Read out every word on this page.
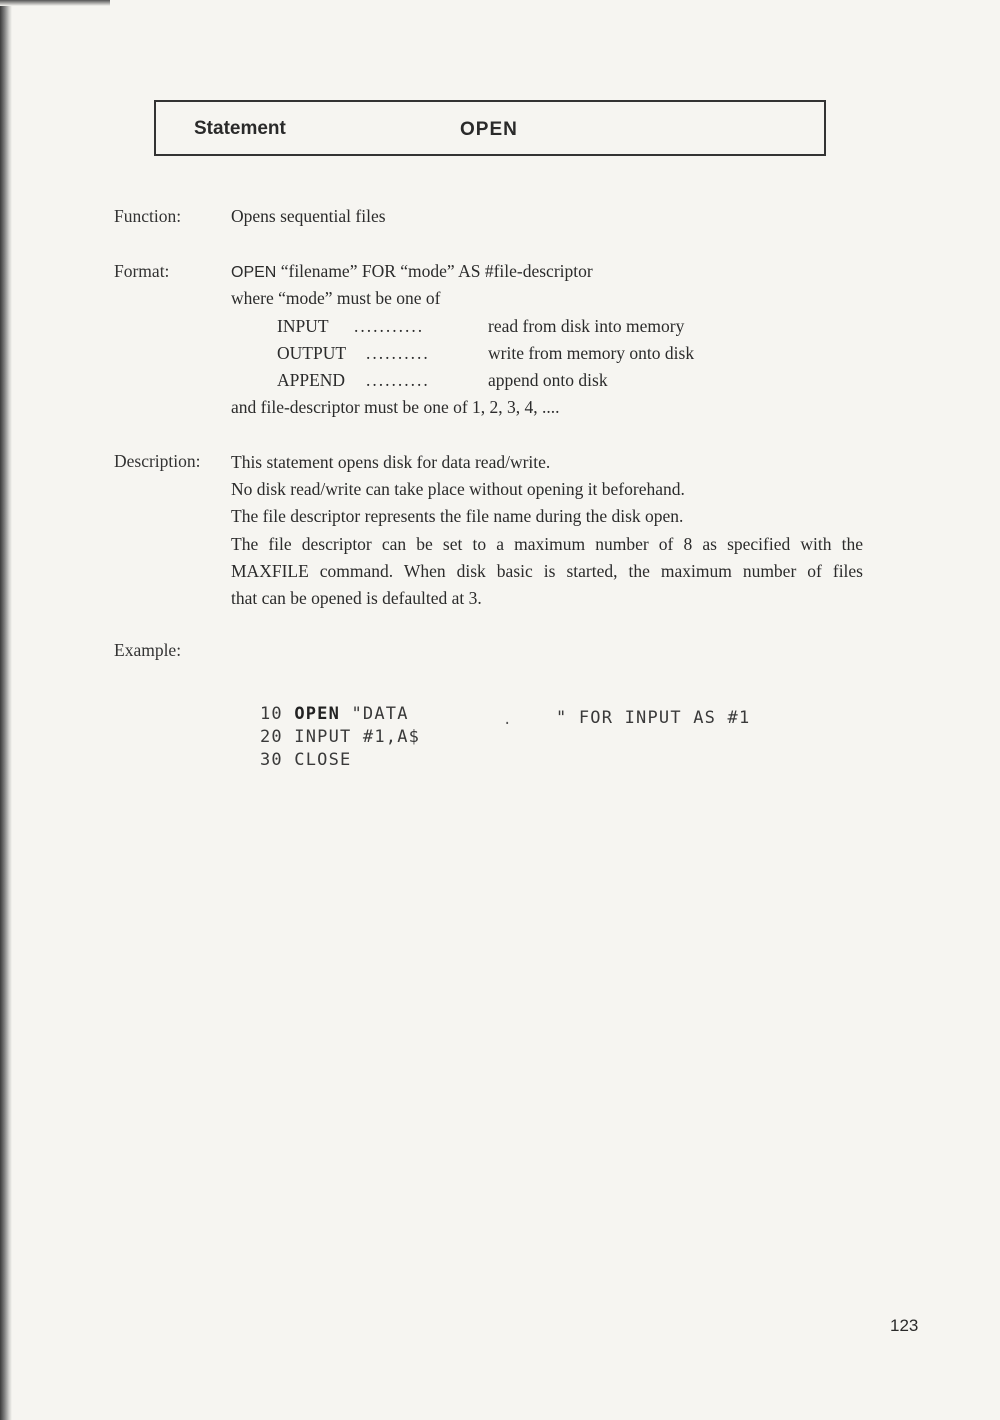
Statement	OPEN
Function:	Opens sequential files
Format:	OPEN “filename” FOR “mode” AS #file-descriptor
where “mode” must be one of
INPUT ...........	read from disk into memory
OUTPUT ..........	write from memory onto disk
APPEND ..........	append onto disk
and file-descriptor must be one of 1, 2, 3, 4, ....
Description: This statement opens disk for data read/write.
No disk read/write can take place without opening it beforehand.
The file descriptor represents the file name during the disk open.
The file descriptor can be set to a maximum number of 8 as specified with the
MAXFILE command. When disk basic is started, the maximum number of files
that can be opened is defaulted at 3.
Example:
10 OPEN "DATA	.	" FOR INPUT AS #1
20 INPUT #1,A$
30 CLOSE
123
